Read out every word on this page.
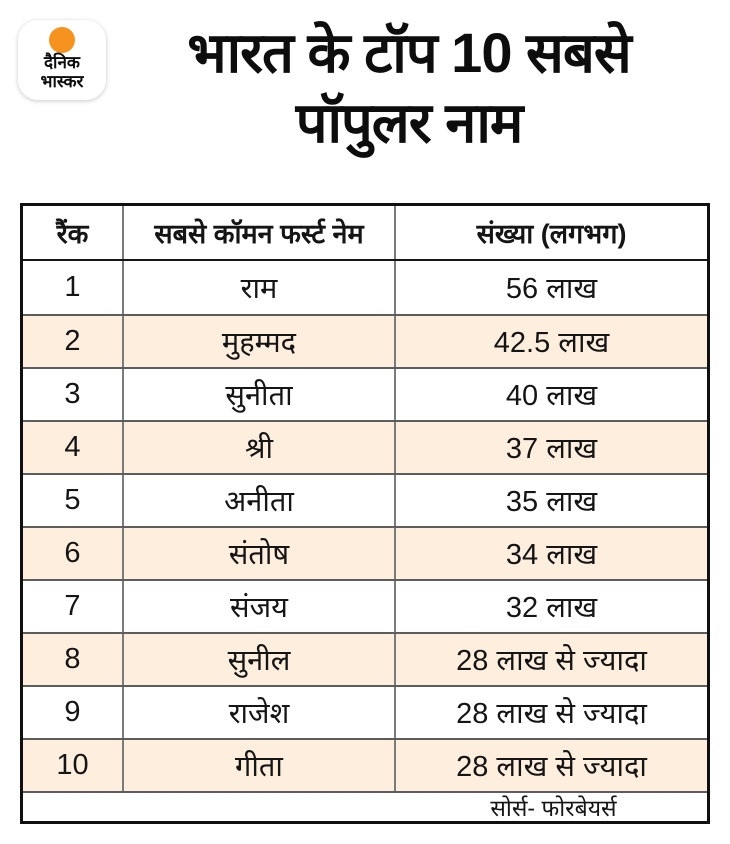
दैनिक
भास्कर	भारत के टॉप 10 सबसे
पॉपुलर नाम
रैंक	सबसे कॉमन फर्स्ट नेम	संख्या (लगभग)
1	राम	56 लाख
2	मुहम्मद	42.5 लाख
3	सुनीता	40 लाख
4	श्री	37 लाख
5	अनीता	35 लाख
6	संतोष	34 लाख
7	संजय	32 लाख
8	सुनील	28 लाख से ज्यादा
9	राजेश	28 लाख से ज्यादा
10	गीता	28 लाख से ज्यादा
सोर्स- फोरबेयर्स
